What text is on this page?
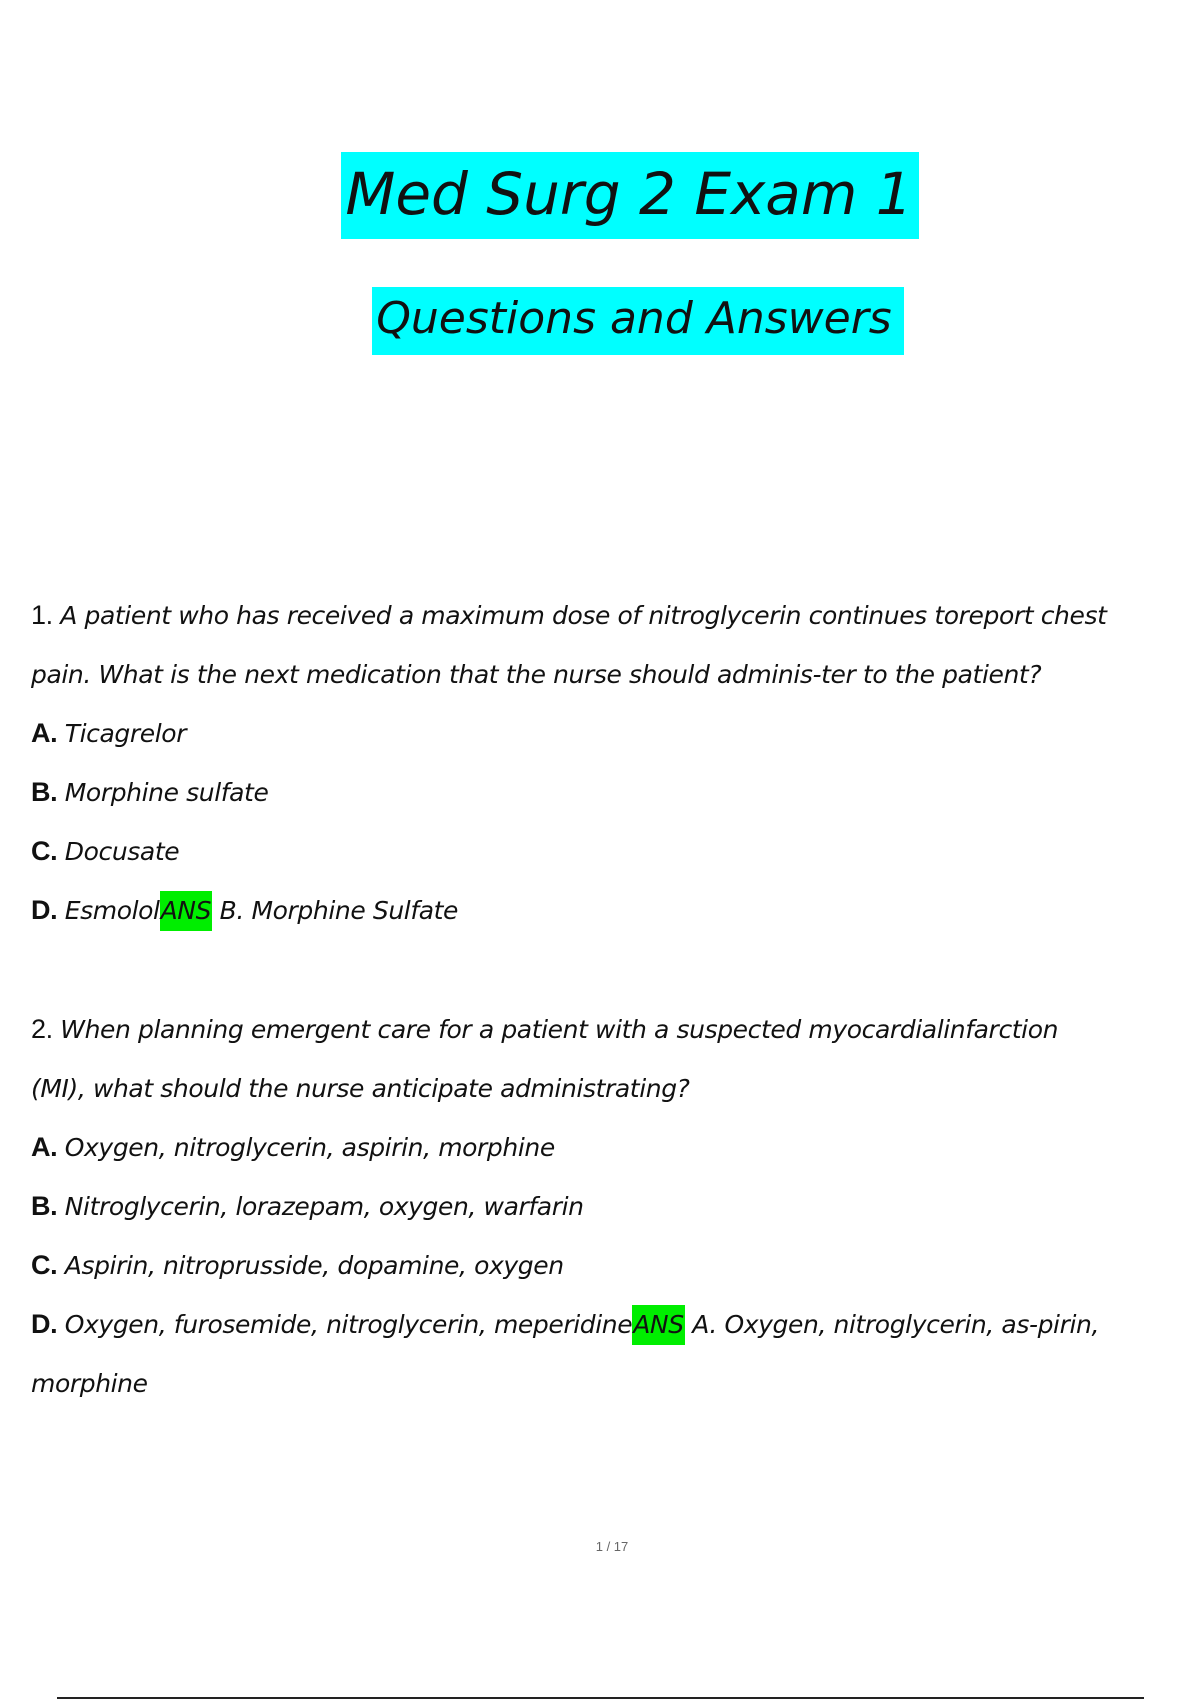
Med Surg 2 Exam 1
Questions and Answers
1. A patient who has received a maximum dose of nitroglycerin continues toreport chest
pain. What is the next medication that the nurse should adminis-ter to the patient?
A. Ticagrelor
B. Morphine sulfate
C. Docusate
D. EsmololANS B. Morphine Sulfate
2. When planning emergent care for a patient with a suspected myocardialinfarction
(MI), what should the nurse anticipate administrating?
A. Oxygen, nitroglycerin, aspirin, morphine
B. Nitroglycerin, lorazepam, oxygen, warfarin
C. Aspirin, nitroprusside, dopamine, oxygen
D. Oxygen, furosemide, nitroglycerin, meperidineANS A. Oxygen, nitroglycerin, as-pirin,
morphine
1 / 17
